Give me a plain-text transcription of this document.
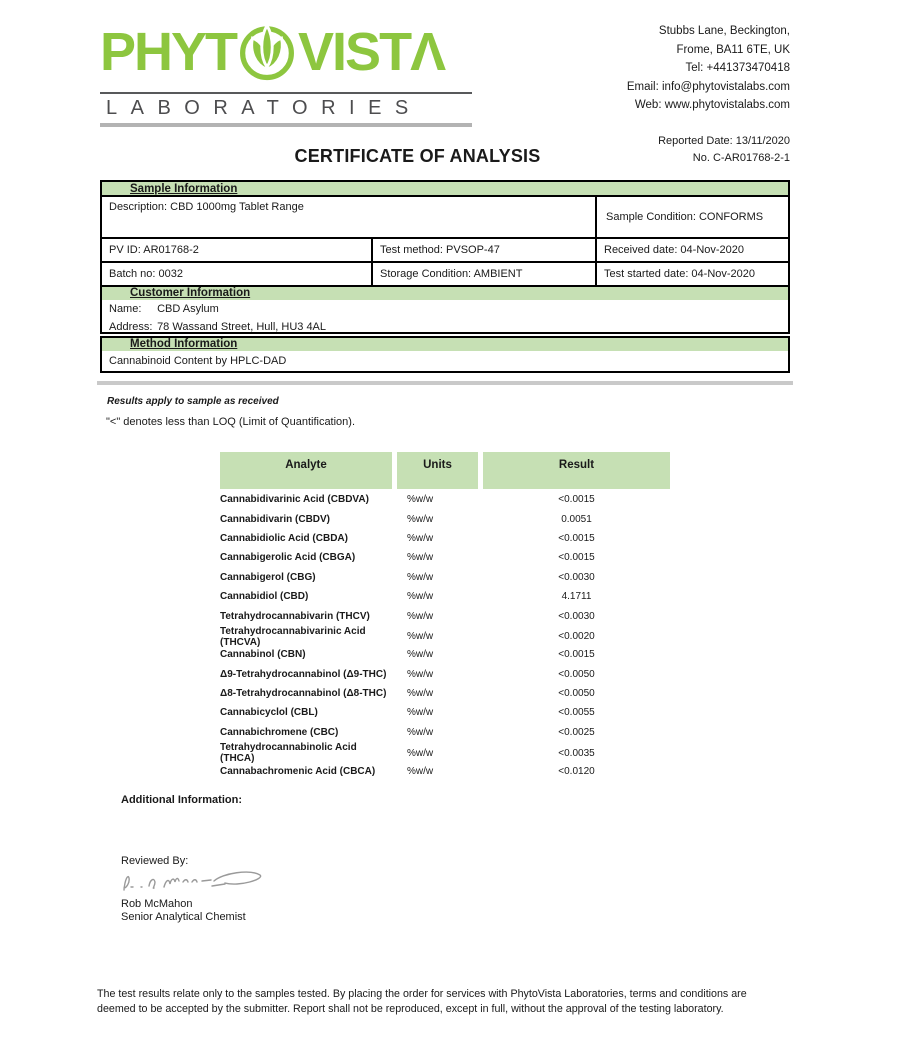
PHYT VIST Λ
LABORATORIES
Stubbs Lane, Beckington,
Frome, BA11 6TE, UK
Tel: +441373470418
Email: info@phytovistalabs.com
Web: www.phytovistalabs.com
Reported Date: 13/11/2020
CERTIFICATE OF ANALYSIS	No. C-AR01768-2-1
Sample Information
Description: CBD 1000mg Tablet Range
Sample Condition: CONFORMS
PV ID: AR01768-2	Test method: PVSOP-47	Received date: 04-Nov-2020
Batch no: 0032	Storage Condition: AMBIENT	Test started date: 04-Nov-2020
Customer Information
Name: CBD Asylum
Address: 78 Wassand Street, Hull, HU3 4AL
Method Information
Cannabinoid Content by HPLC-DAD
Results apply to sample as received
"<" denotes less than LOQ (Limit of Quantification).
Analyte	Units	Result
Cannabidivarinic Acid (CBDVA)	%w/w	<0.0015
Cannabidivarin (CBDV)	%w/w	0.0051
Cannabidiolic Acid (CBDA)	%w/w	<0.0015
Cannabigerolic Acid (CBGA)	%w/w	<0.0015
Cannabigerol (CBG)	%w/w	<0.0030
Cannabidiol (CBD)	%w/w	4.1711
Tetrahydrocannabivarin (THCV)	%w/w	<0.0030
Tetrahydrocannabivarinic Acid (THCVA)	%w/w	<0.0020
Cannabinol (CBN)	%w/w	<0.0015
Δ9-Tetrahydrocannabinol (Δ9-THC)	%w/w	<0.0050
Δ8-Tetrahydrocannabinol (Δ8-THC)	%w/w	<0.0050
Cannabicyclol (CBL)	%w/w	<0.0055
Cannabichromene (CBC)	%w/w	<0.0025
Tetrahydrocannabinolic Acid (THCA)	%w/w	<0.0035
Cannabachromenic Acid (CBCA)	%w/w	<0.0120
Additional Information:
Reviewed By:
Rob McMahon
Senior Analytical Chemist
The test results relate only to the samples tested. By placing the order for services with PhytoVista Laboratories, terms and conditions are
deemed to be accepted by the submitter. Report shall not be reproduced, except in full, without the approval of the testing laboratory.
